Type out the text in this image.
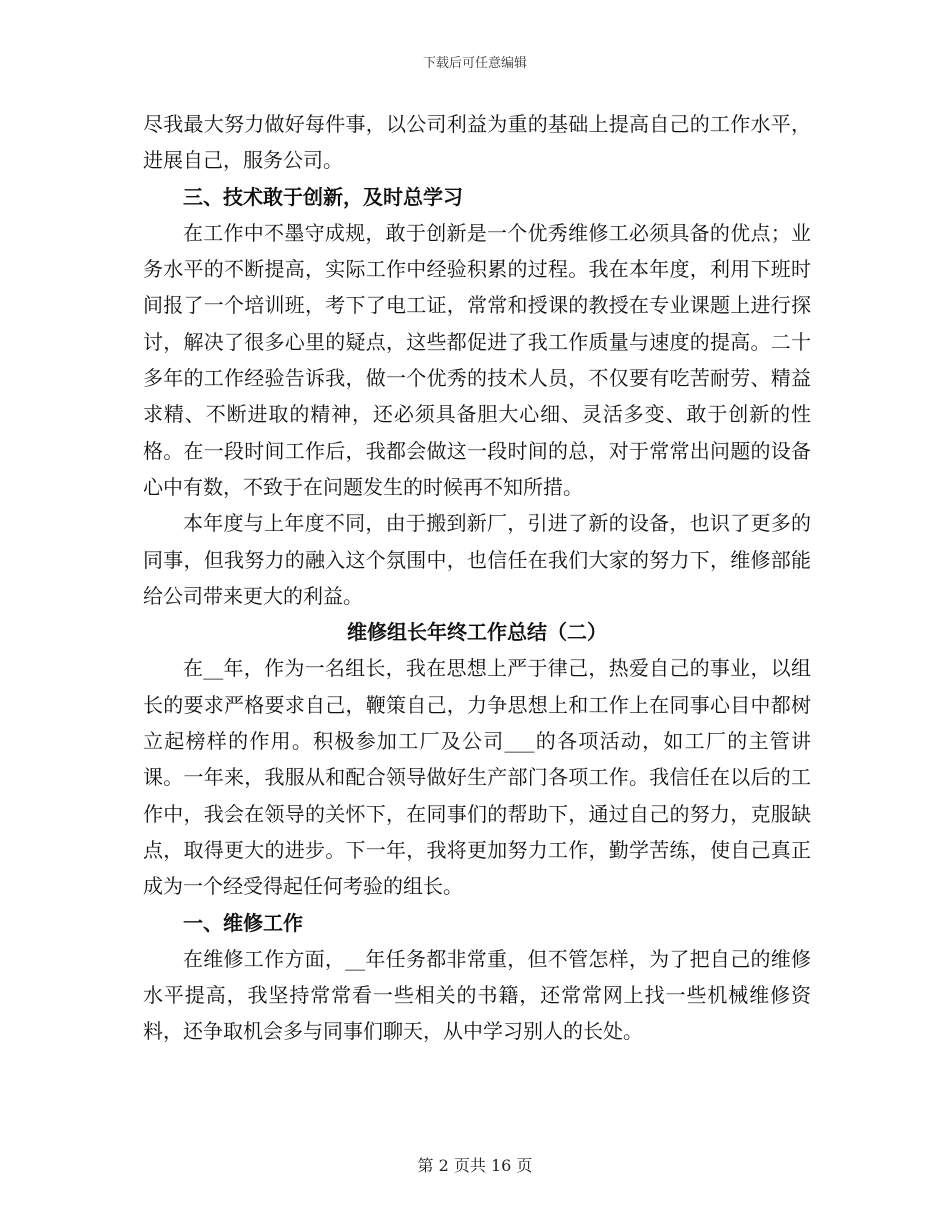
下载后可任意编辑

尽我最大努力做好每件事，以公司利益为重的基础上提高自己的工作水平，进展自己，服务公司。

三、技术敢于创新，及时总学习

在工作中不墨守成规，敢于创新是一个优秀维修工必须具备的优点；业务水平的不断提高，实际工作中经验积累的过程。我在本年度，利用下班时间报了一个培训班，考下了电工证，常常和授课的教授在专业课题上进行探讨，解决了很多心里的疑点，这些都促进了我工作质量与速度的提高。二十多年的工作经验告诉我，做一个优秀的技术人员，不仅要有吃苦耐劳、精益求精、不断进取的精神，还必须具备胆大心细、灵活多变、敢于创新的性格。在一段时间工作后，我都会做这一段时间的总，对于常常出问题的设备心中有数，不致于在问题发生的时候再不知所措。

本年度与上年度不同，由于搬到新厂，引进了新的设备，也识了更多的同事，但我努力的融入这个氛围中，也信任在我们大家的努力下，维修部能给公司带来更大的利益。

维修组长年终工作总结（二）

在__年，作为一名组长，我在思想上严于律己，热爱自己的事业，以组长的要求严格要求自己，鞭策自己，力争思想上和工作上在同事心目中都树立起榜样的作用。积极参加工厂及公司___的各项活动，如工厂的主管讲课。一年来，我服从和配合领导做好生产部门各项工作。我信任在以后的工作中，我会在领导的关怀下，在同事们的帮助下，通过自己的努力，克服缺点，取得更大的进步。下一年，我将更加努力工作，勤学苦练，使自己真正成为一个经受得起任何考验的组长。

一、维修工作

在维修工作方面，__年任务都非常重，但不管怎样，为了把自己的维修水平提高，我坚持常常看一些相关的书籍，还常常网上找一些机械维修资料，还争取机会多与同事们聊天，从中学习别人的长处。

第 2 页共 16 页
